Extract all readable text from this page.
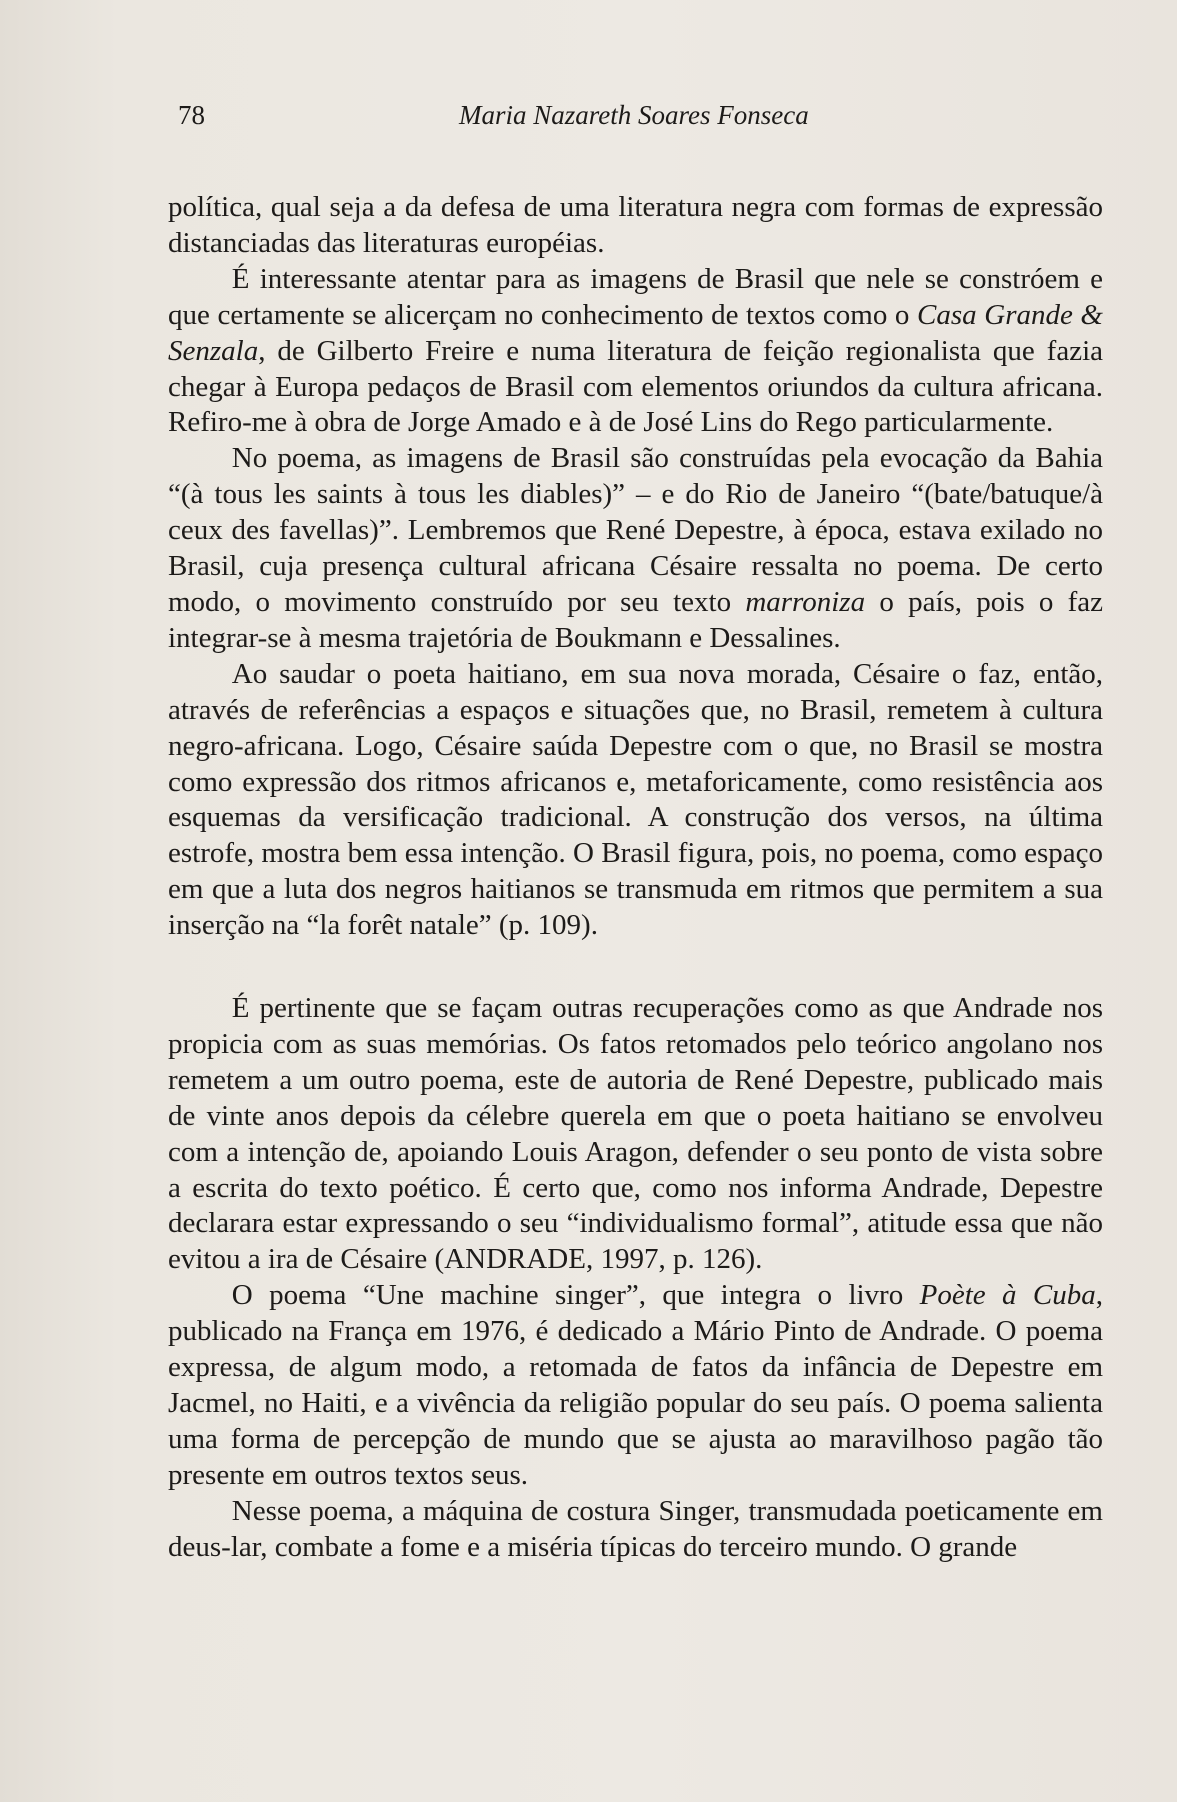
78	Maria Nazareth Soares Fonseca

política, qual seja a da defesa de uma literatura negra com formas de expressão distanciadas das literaturas européias.

É interessante atentar para as imagens de Brasil que nele se constróem e que certamente se alicerçam no conhecimento de textos como o Casa Grande & Senzala, de Gilberto Freire e numa literatura de feição regionalista que fazia chegar à Europa pedaços de Brasil com elementos oriundos da cultura africana. Refiro-me à obra de Jorge Amado e à de José Lins do Rego particularmente.

No poema, as imagens de Brasil são construídas pela evocação da Bahia “(à tous les saints à tous les diables)” – e do Rio de Janeiro “(bate/batuque/à ceux des favellas)”. Lembremos que René Depestre, à época, estava exilado no Brasil, cuja presença cultural africana Césaire ressalta no poema. De certo modo, o movimento construído por seu texto marroniza o país, pois o faz integrar-se à mesma trajetória de Boukmann e Dessalines.

Ao saudar o poeta haitiano, em sua nova morada, Césaire o faz, então, através de referências a espaços e situações que, no Brasil, remetem à cultura negro-africana. Logo, Césaire saúda Depestre com o que, no Brasil se mostra como expressão dos ritmos africanos e, metaforicamente, como resistência aos esquemas da versificação tradicional. A construção dos versos, na última estrofe, mostra bem essa intenção. O Brasil figura, pois, no poema, como espaço em que a luta dos negros haitianos se transmuda em ritmos que permitem a sua inserção na “la forêt natale” (p. 109).

É pertinente que se façam outras recuperações como as que Andrade nos propicia com as suas memórias. Os fatos retomados pelo teórico angolano nos remetem a um outro poema, este de autoria de René Depestre, publicado mais de vinte anos depois da célebre querela em que o poeta haitiano se envolveu com a intenção de, apoiando Louis Aragon, defender o seu ponto de vista sobre a escrita do texto poético. É certo que, como nos informa Andrade, Depestre declarara estar expressando o seu “individualismo formal”, atitude essa que não evitou a ira de Césaire (ANDRADE, 1997, p. 126).

O poema “Une machine singer”, que integra o livro Poète à Cuba, publicado na França em 1976, é dedicado a Mário Pinto de Andrade. O poema expressa, de algum modo, a retomada de fatos da infância de Depestre em Jacmel, no Haiti, e a vivência da religião popular do seu país. O poema salienta uma forma de percepção de mundo que se ajusta ao maravilhoso pagão tão presente em outros textos seus.

Nesse poema, a máquina de costura Singer, transmudada poeticamente em deus-lar, combate a fome e a miséria típicas do terceiro mundo. O grande
